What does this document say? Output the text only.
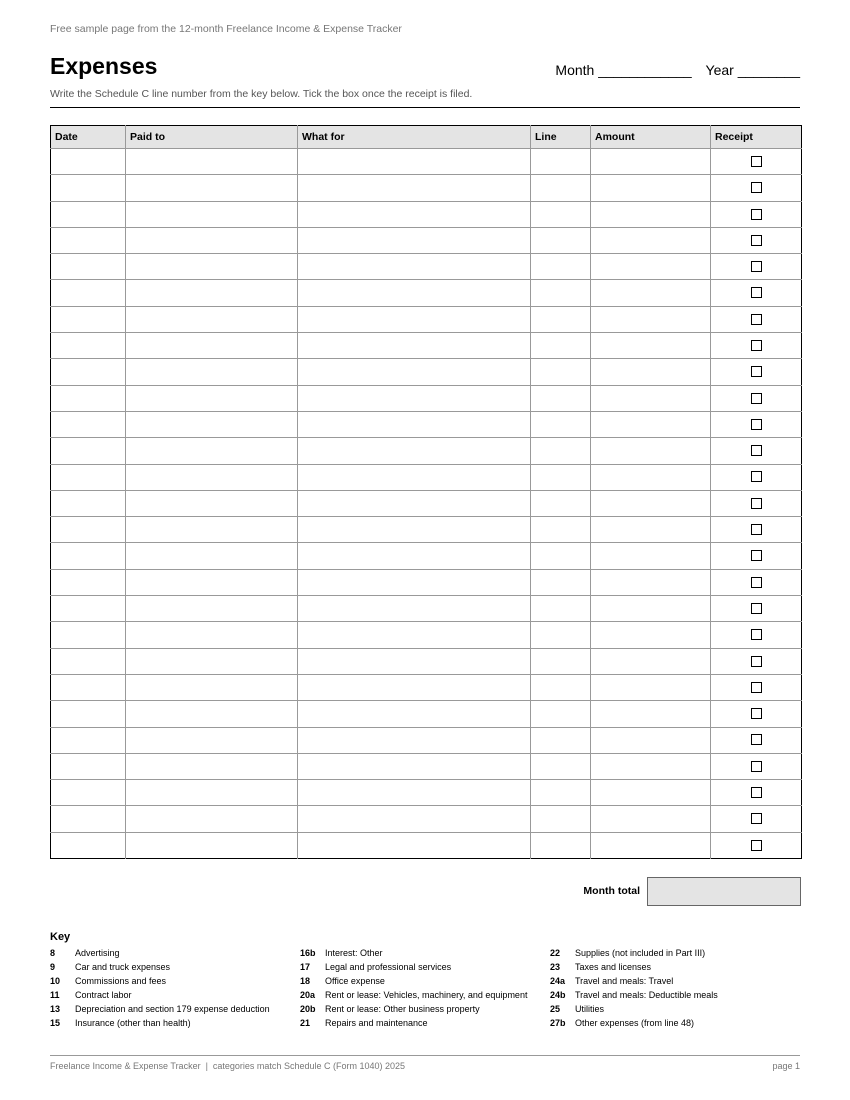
Free sample page from the 12-month Freelance Income & Expense Tracker
Expenses	Month ____________ Year ________
Write the Schedule C line number from the key below. Tick the box once the receipt is filed.
Date	Paid to	What for	Line	Amount	Receipt

Month total
Key
8	Advertising
9	Car and truck expenses
10	Commissions and fees
11	Contract labor
13	Depreciation and section 179 expense deduction
15	Insurance (other than health)
16b	Interest: Other
17	Legal and professional services
18	Office expense
20a	Rent or lease: Vehicles, machinery, and equipment
20b	Rent or lease: Other business property
21	Repairs and maintenance
22	Supplies (not included in Part III)
23	Taxes and licenses
24a	Travel and meals: Travel
24b	Travel and meals: Deductible meals
25	Utilities
27b	Other expenses (from line 48)
Freelance Income & Expense Tracker  |  categories match Schedule C (Form 1040) 2025	page 1
